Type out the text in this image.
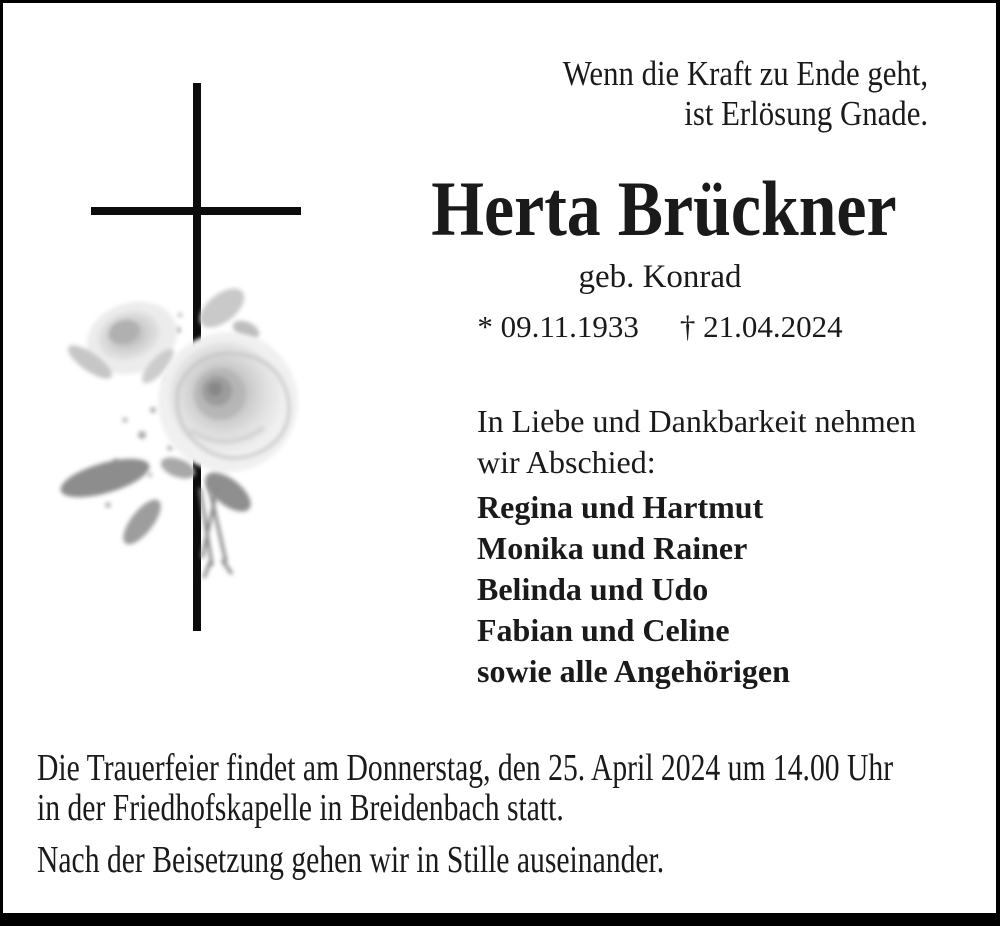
Wenn die Kraft zu Ende geht,
ist Erlösung Gnade.
Herta Brückner
geb. Konrad
* 09.11.1933 † 21.04.2024
In Liebe und Dankbarkeit nehmen
wir Abschied:
Regina und Hartmut
Monika und Rainer
Belinda und Udo
Fabian und Celine
sowie alle Angehörigen
Die Trauerfeier findet am Donnerstag, den 25. April 2024 um 14.00 Uhr
in der Friedhofskapelle in Breidenbach statt.
Nach der Beisetzung gehen wir in Stille auseinander.
